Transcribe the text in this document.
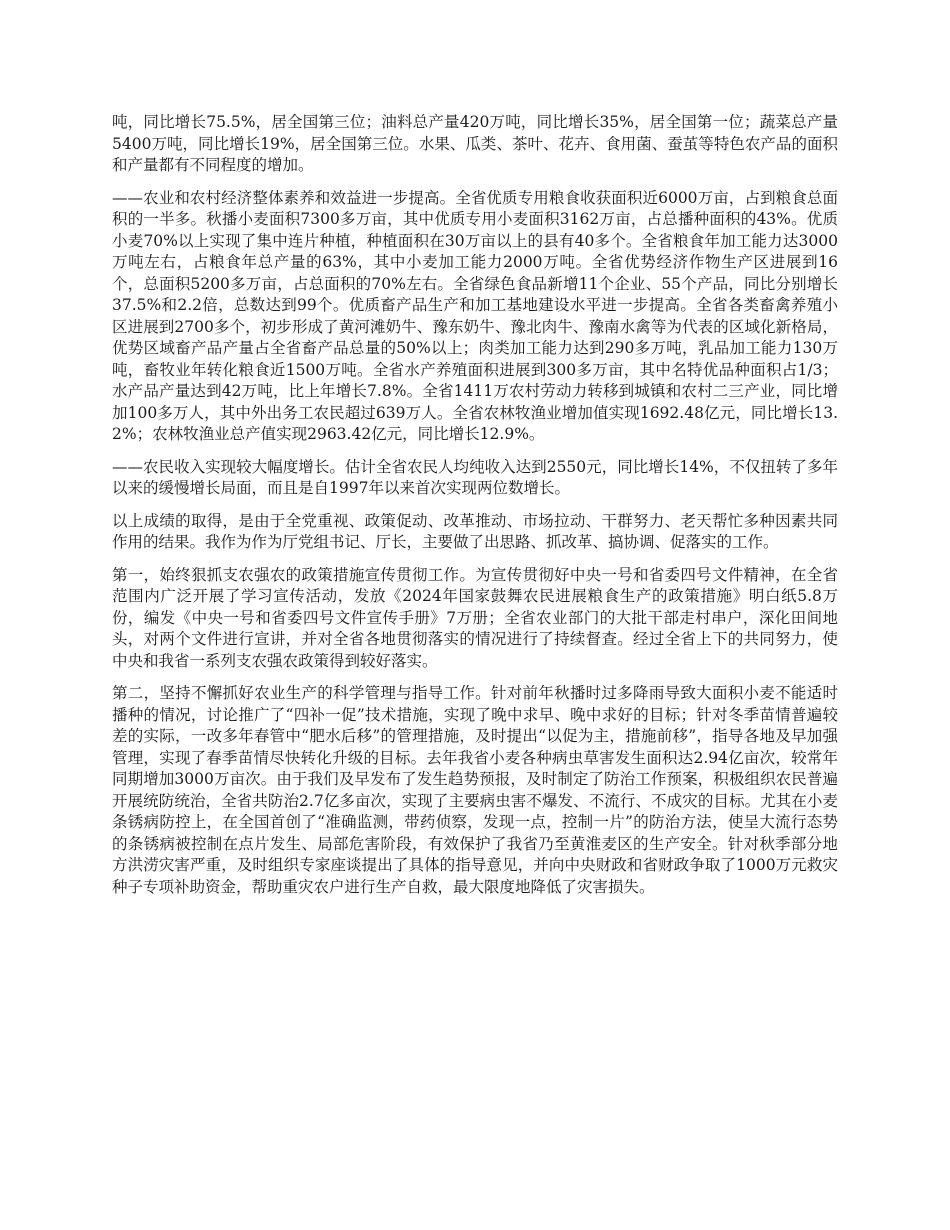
吨，同比增长75.5%，居全国第三位；油料总产量420万吨，同比增长35%，居全国第一位；蔬菜总产量5400万吨，同比增长19%，居全国第三位。水果、瓜类、茶叶、花卉、食用菌、蚕茧等特色农产品的面积和产量都有不同程度的增加。

——农业和农村经济整体素养和效益进一步提高。全省优质专用粮食收获面积近6000万亩，占到粮食总面积的一半多。秋播小麦面积7300多万亩，其中优质专用小麦面积3162万亩，占总播种面积的43%。优质小麦70%以上实现了集中连片种植，种植面积在30万亩以上的县有40多个。全省粮食年加工能力达3000万吨左右，占粮食年总产量的63%，其中小麦加工能力2000万吨。全省优势经济作物生产区进展到16个，总面积5200多万亩，占总面积的70%左右。全省绿色食品新增11个企业、55个产品，同比分别增长37.5%和2.2倍，总数达到99个。优质畜产品生产和加工基地建设水平进一步提高。全省各类畜禽养殖小区进展到2700多个，初步形成了黄河滩奶牛、豫东奶牛、豫北肉牛、豫南水禽等为代表的区域化新格局，优势区域畜产品产量占全省畜产品总量的50%以上；肉类加工能力达到290多万吨，乳品加工能力130万吨，畜牧业年转化粮食近1500万吨。全省水产养殖面积进展到300多万亩，其中名特优品种面积占1/3；水产品产量达到42万吨，比上年增长7.8%。全省1411万农村劳动力转移到城镇和农村二三产业，同比增加100多万人，其中外出务工农民超过639万人。全省农林牧渔业增加值实现1692.48亿元，同比增长13.2%；农林牧渔业总产值实现2963.42亿元，同比增长12.9%。

——农民收入实现较大幅度增长。估计全省农民人均纯收入达到2550元，同比增长14%，不仅扭转了多年以来的缓慢增长局面，而且是自1997年以来首次实现两位数增长。

以上成绩的取得，是由于全党重视、政策促动、改革推动、市场拉动、干群努力、老天帮忙多种因素共同作用的结果。我作为作为厅党组书记、厅长，主要做了出思路、抓改革、搞协调、促落实的工作。

第一，始终狠抓支农强农的政策措施宣传贯彻工作。为宣传贯彻好中央一号和省委四号文件精神，在全省范围内广泛开展了学习宣传活动，发放《2024年国家鼓舞农民进展粮食生产的政策措施》明白纸5.8万份，编发《中央一号和省委四号文件宣传手册》7万册；全省农业部门的大批干部走村串户，深化田间地头，对两个文件进行宣讲，并对全省各地贯彻落实的情况进行了持续督查。经过全省上下的共同努力，使中央和我省一系列支农强农政策得到较好落实。

第二，坚持不懈抓好农业生产的科学管理与指导工作。针对前年秋播时过多降雨导致大面积小麦不能适时播种的情况，讨论推广了“四补一促”技术措施，实现了晚中求早、晚中求好的目标；针对冬季苗情普遍较差的实际，一改多年春管中“肥水后移”的管理措施，及时提出“以促为主，措施前移”，指导各地及早加强管理，实现了春季苗情尽快转化升级的目标。去年我省小麦各种病虫草害发生面积达2.94亿亩次，较常年同期增加3000万亩次。由于我们及早发布了发生趋势预报，及时制定了防治工作预案，积极组织农民普遍开展统防统治，全省共防治2.7亿多亩次，实现了主要病虫害不爆发、不流行、不成灾的目标。尤其在小麦条锈病防控上，在全国首创了“准确监测，带药侦察，发现一点，控制一片”的防治方法，使呈大流行态势的条锈病被控制在点片发生、局部危害阶段，有效保护了我省乃至黄淮麦区的生产安全。针对秋季部分地方洪涝灾害严重，及时组织专家座谈提出了具体的指导意见，并向中央财政和省财政争取了1000万元救灾种子专项补助资金，帮助重灾农户进行生产自救，最大限度地降低了灾害损失。
